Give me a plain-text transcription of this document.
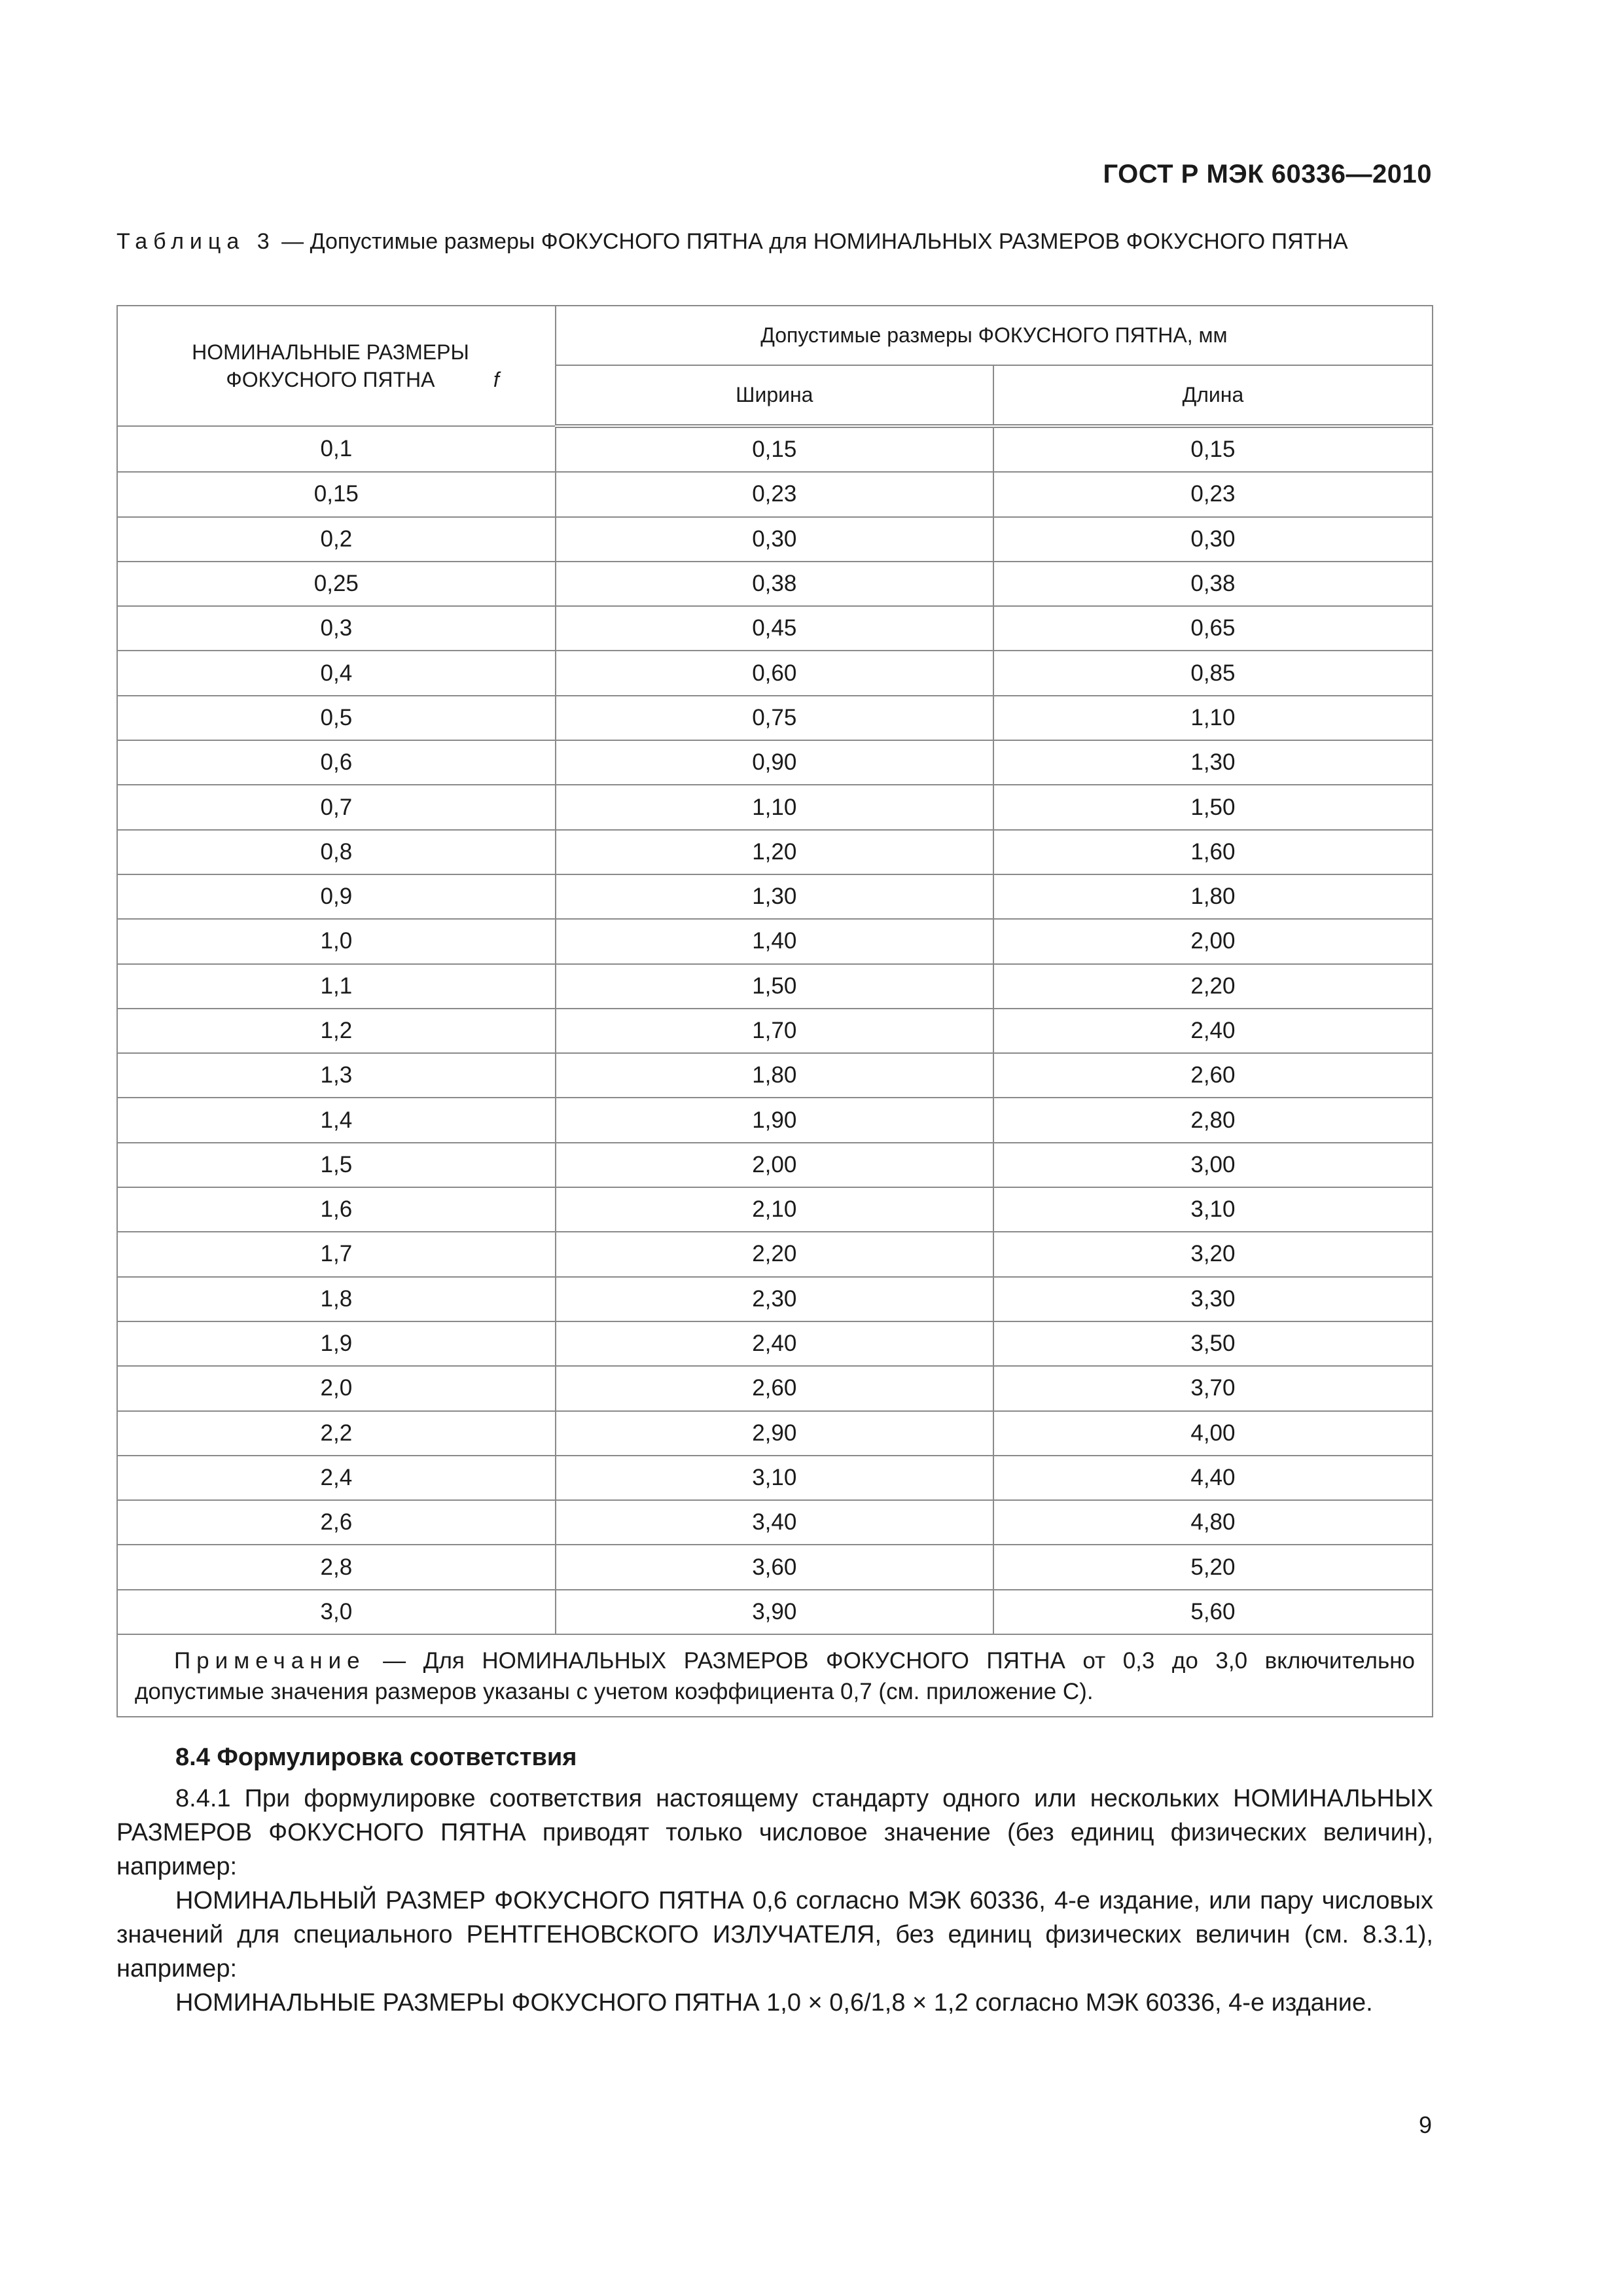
ГОСТ Р МЭК 60336—2010
Таблица 3 — Допустимые размеры ФОКУСНОГО ПЯТНА для НОМИНАЛЬНЫХ РАЗМЕРОВ ФОКУСНОГО ПЯТНА
НОМИНАЛЬНЫЕ РАЗМЕРЫ ФОКУСНОГО ПЯТНА f	Допустимые размеры ФОКУСНОГО ПЯТНА, мм	
	Ширина	Длина
0,1	0,15	0,15
0,15	0,23	0,23
0,2	0,30	0,30
0,25	0,38	0,38
0,3	0,45	0,65
0,4	0,60	0,85
0,5	0,75	1,10
0,6	0,90	1,30
0,7	1,10	1,50
0,8	1,20	1,60
0,9	1,30	1,80
1,0	1,40	2,00
1,1	1,50	2,20
1,2	1,70	2,40
1,3	1,80	2,60
1,4	1,90	2,80
1,5	2,00	3,00
1,6	2,10	3,10
1,7	2,20	3,20
1,8	2,30	3,30
1,9	2,40	3,50
2,0	2,60	3,70
2,2	2,90	4,00
2,4	3,10	4,40
2,6	3,40	4,80
2,8	3,60	5,20
3,0	3,90	5,60

Примечание — Для НОМИНАЛЬНЫХ РАЗМЕРОВ ФОКУСНОГО ПЯТНА от 0,3 до 3,0 включительно допустимые значения размеров указаны с учетом коэффициента 0,7 (см. приложение С).		
8.4 Формулировка соответствия

8.4.1 При формулировке соответствия настоящему стандарту одного или нескольких НОМИНАЛЬНЫХ РАЗМЕРОВ ФОКУСНОГО ПЯТНА приводят только числовое значение (без единиц физических величин), например:

НОМИНАЛЬНЫЙ РАЗМЕР ФОКУСНОГО ПЯТНА 0,6 согласно МЭК 60336, 4-е издание, или пару числовых значений для специального РЕНТГЕНОВСКОГО ИЗЛУЧАТЕЛЯ, без единиц физических величин (см. 8.3.1), например:

НОМИНАЛЬНЫЕ РАЗМЕРЫ ФОКУСНОГО ПЯТНА 1,0 × 0,6/1,8 × 1,2 согласно МЭК 60336, 4-е издание.

9
